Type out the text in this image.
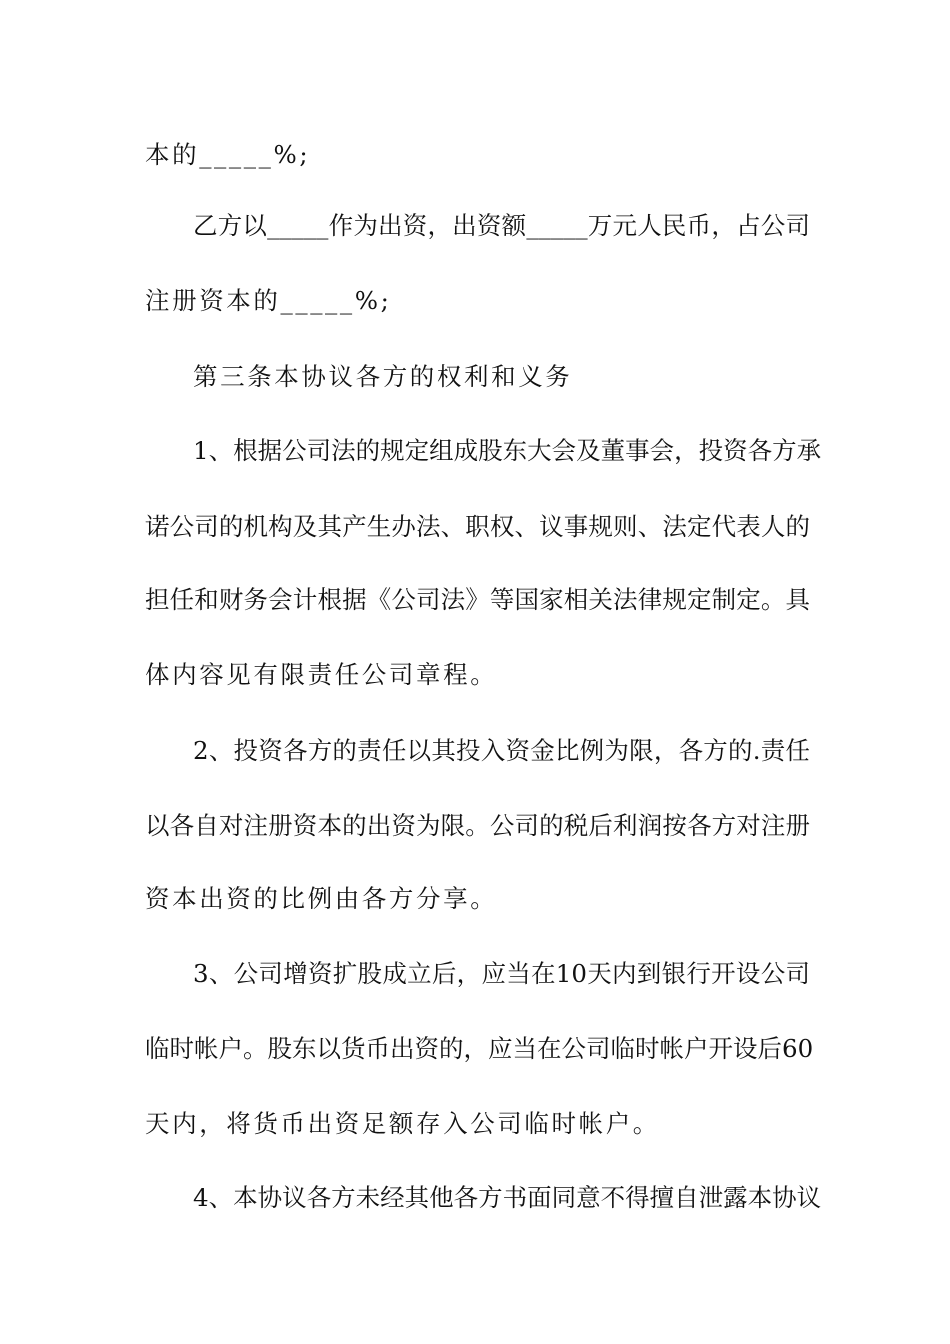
本的_____%;
乙方以_____作为出资，出资额_____万元人民币，占公司
注册资本的_____%;
第三条本协议各方的权利和义务
1、根据公司法的规定组成股东大会及董事会，投资各方承
诺公司的机构及其产生办法、职权、议事规则、法定代表人的
担任和财务会计根据《公司法》等国家相关法律规定制定。具
体内容见有限责任公司章程。
2、投资各方的责任以其投入资金比例为限，各方的.责任
以各自对注册资本的出资为限。公司的税后利润按各方对注册
资本出资的比例由各方分享。
3、公司增资扩股成立后，应当在10天内到银行开设公司
临时帐户。股东以货币出资的，应当在公司临时帐户开设后60
天内，将货币出资足额存入公司临时帐户。
4、本协议各方未经其他各方书面同意不得擅自泄露本协议
